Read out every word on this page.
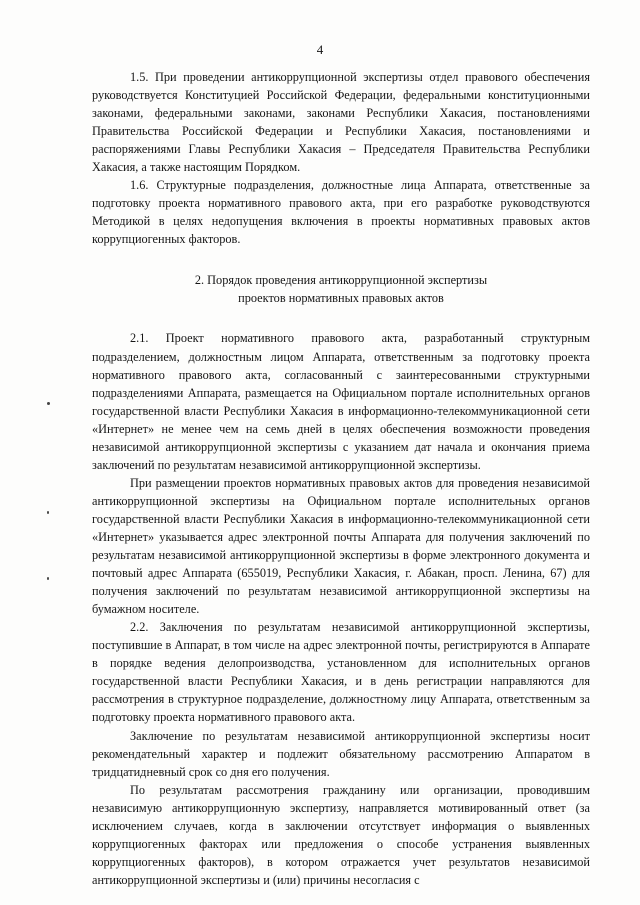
4

1.5. При проведении антикоррупционной экспертизы отдел правового обеспечения руководствуется Конституцией Российской Федерации, федеральными конституционными законами, федеральными законами, законами Республики Хакасия, постановлениями Правительства Российской Федерации и Республики Хакасия, постановлениями и распоряжениями Главы Республики Хакасия – Председателя Правительства Республики Хакасия, а также настоящим Порядком.

1.6. Структурные подразделения, должностные лица Аппарата, ответственные за подготовку проекта нормативного правового акта, при его разработке руководствуются Методикой в целях недопущения включения в проекты нормативных правовых актов коррупциогенных факторов.

2. Порядок проведения антикоррупционной экспертизы
проектов нормативных правовых актов

2.1. Проект нормативного правового акта, разработанный структурным подразделением, должностным лицом Аппарата, ответственным за подготовку проекта нормативного правового акта, согласованный с заинтересованными структурными подразделениями Аппарата, размещается на Официальном портале исполнительных органов государственной власти Республики Хакасия в информационно-телекоммуникационной сети «Интернет» не менее чем на семь дней в целях обеспечения возможности проведения независимой антикоррупционной экспертизы с указанием дат начала и окончания приема заключений по результатам независимой антикоррупционной экспертизы.

При размещении проектов нормативных правовых актов для проведения независимой антикоррупционной экспертизы на Официальном портале исполнительных органов государственной власти Республики Хакасия в информационно-телекоммуникационной сети «Интернет» указывается адрес электронной почты Аппарата для получения заключений по результатам независимой антикоррупционной экспертизы в форме электронного документа и почтовый адрес Аппарата (655019, Республики Хакасия, г. Абакан, просп. Ленина, 67) для получения заключений по результатам независимой антикоррупционной экспертизы на бумажном носителе.

2.2. Заключения по результатам независимой антикоррупционной экспертизы, поступившие в Аппарат, в том числе на адрес электронной почты, регистрируются в Аппарате в порядке ведения делопроизводства, установленном для исполнительных органов государственной власти Республики Хакасия, и в день регистрации направляются для рассмотрения в структурное подразделение, должностному лицу Аппарата, ответственным за подготовку проекта нормативного правового акта.

Заключение по результатам независимой антикоррупционной экспертизы носит рекомендательный характер и подлежит обязательному рассмотрению Аппаратом в тридцатидневный срок со дня его получения.

По результатам рассмотрения гражданину или организации, проводившим независимую антикоррупционную экспертизу, направляется мотивированный ответ (за исключением случаев, когда в заключении отсутствует информация о выявленных коррупциогенных факторах или предложения о способе устранения выявленных коррупциогенных факторов), в котором отражается учет результатов независимой антикоррупционной экспертизы и (или) причины несогласия с
